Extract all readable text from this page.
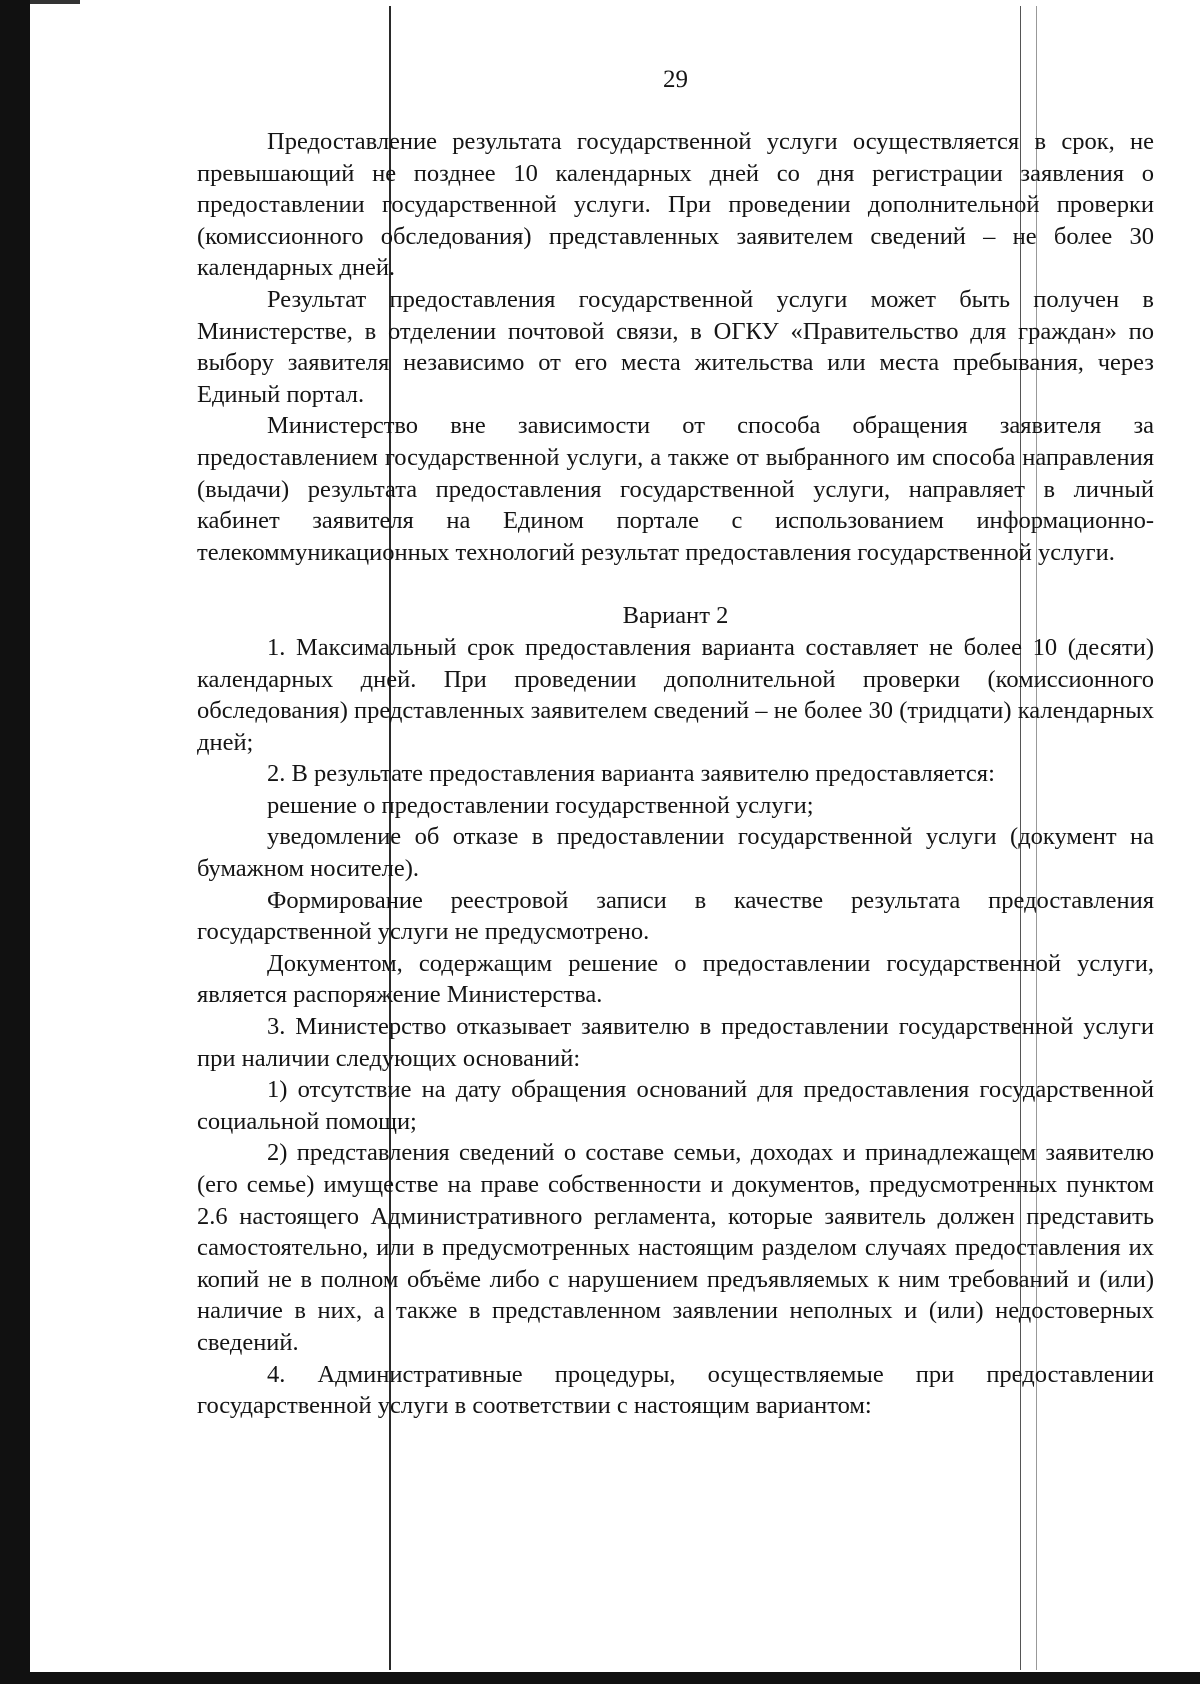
29

Предоставление результата государственной услуги осуществляется в срок, не превышающий не позднее 10 календарных дней со дня регистрации заявления о предоставлении государственной услуги. При проведении дополнительной проверки (комиссионного обследования) представленных заявителем сведений – не более 30 календарных дней.

Результат предоставления государственной услуги может быть получен в Министерстве, в отделении почтовой связи, в ОГКУ «Правительство для граждан» по выбору заявителя независимо от его места жительства или места пребывания, через Единый портал.

Министерство вне зависимости от способа обращения заявителя за предоставлением государственной услуги, а также от выбранного им способа направления (выдачи) результата предоставления государственной услуги, направляет в личный кабинет заявителя на Едином портале с использованием информационно-телекоммуникационных технологий результат предоставления государственной услуги.

Вариант 2

1. Максимальный срок предоставления варианта составляет не более 10 (десяти) календарных дней. При проведении дополнительной проверки (комиссионного обследования) представленных заявителем сведений – не более 30 (тридцати) календарных дней;

2. В результате предоставления варианта заявителю предоставляется:

решение о предоставлении государственной услуги;

уведомление об отказе в предоставлении государственной услуги (документ на бумажном носителе).

Формирование реестровой записи в качестве результата предоставления государственной услуги не предусмотрено.

Документом, содержащим решение о предоставлении государственной услуги, является распоряжение Министерства.

3. Министерство отказывает заявителю в предоставлении государственной услуги при наличии следующих оснований:

1) отсутствие на дату обращения оснований для предоставления государственной социальной помощи;

2) представления сведений о составе семьи, доходах и принадлежащем заявителю (его семье) имуществе на праве собственности и документов, предусмотренных пунктом 2.6 настоящего Административного регламента, которые заявитель должен представить самостоятельно, или в предусмотренных настоящим разделом случаях предоставления их копий не в полном объёме либо с нарушением предъявляемых к ним требований и (или) наличие в них, а также в представленном заявлении неполных и (или) недостоверных сведений.

4. Административные процедуры, осуществляемые при предоставлении государственной услуги в соответствии с настоящим вариантом:
